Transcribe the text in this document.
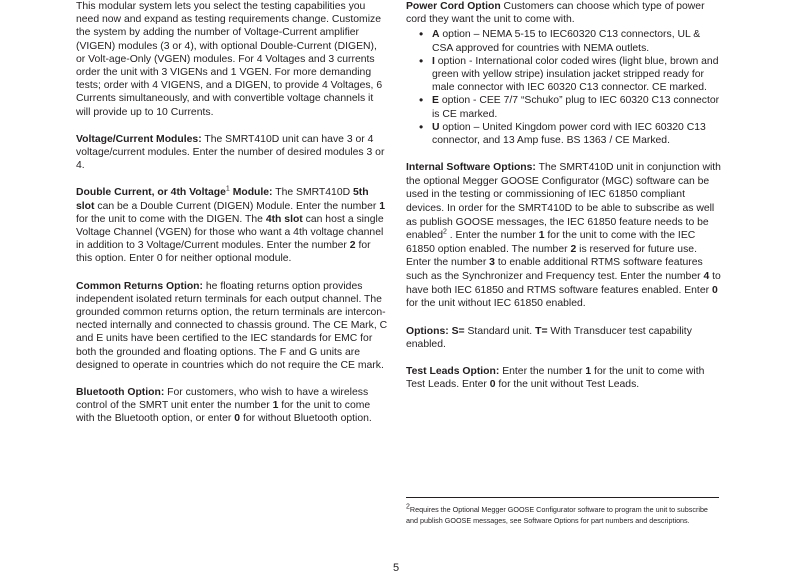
This modular system lets you select the testing capabilities you need now and expand as testing requirements change. Customize the system by adding the number of Voltage-Current amplifier (VIGEN) modules (3 or 4), with optional Double-Current (DIGEN), or Volt-age-Only (VGEN) modules. For 4 Voltages and 3 currents order the unit with 3 VIGENs and 1 VGEN. For more demanding tests; order with 4 VIGENS, and a DIGEN, to provide 4 Voltages, 6 Currents simultaneously, and with convertible voltage channels it will provide up to 10 Currents.

Voltage/Current Modules: The SMRT410D unit can have 3 or 4 voltage/current modules. Enter the number of desired modules 3 or 4.

Double Current, or 4th Voltage$^1$ Module: The SMRT410D 5th slot can be a Double Current (DIGEN) Module. Enter the number 1 for the unit to come with the DIGEN. The 4th slot can host a single Voltage Channel (VGEN) for those who want a 4th voltage channel in addition to 3 Voltage/Current modules. Enter the number 2 for this option. Enter 0 for neither optional module.

Common Returns Option: he floating returns option provides independent isolated return terminals for each output channel. The grounded common returns option, the return terminals are intercon-nected internally and connected to chassis ground. The CE Mark, C and E units have been certified to the IEC standards for EMC for both the grounded and floating options. The F and G units are designed to operate in countries which do not require the CE mark.

Bluetooth Option: For customers, who wish to have a wireless control of the SMRT unit enter the number 1 for the unit to come with the Bluetooth option, or enter 0 for without Bluetooth option.

Power Cord Option Customers can choose which type of power cord they want the unit to come with.

• A option – NEMA 5-15 to IEC60320 C13 connectors, UL & CSA approved for countries with NEMA outlets.
• I option - International color coded wires (light blue, brown and green with yellow stripe) insulation jacket stripped ready for male connector with IEC 60320 C13 connector. CE marked.
• E option - CEE 7/7 “Schuko” plug to IEC 60320 C13 connector is CE marked.
• U option – United Kingdom power cord with IEC 60320 C13 connector, and 13 Amp fuse. BS 1363 / CE Marked.

Internal Software Options: The SMRT410D unit in conjunction with the optional Megger GOOSE Configurator (MGC) software can be used in the testing or commissioning of IEC 61850 compliant devices. In order for the SMRT410D to be able to subscribe as well as publish GOOSE messages, the IEC 61850 feature needs to be enabled$^2$ . Enter the number 1 for the unit to come with the IEC 61850 option enabled. The number 2 is reserved for future use. Enter the number 3 to enable additional RTMS software features such as the Synchronizer and Frequency test. Enter the number 4 to have both IEC 61850 and RTMS software features enabled. Enter 0 for the unit without IEC 61850 enabled.

Options: S= Standard unit. T= With Transducer test capability enabled.

Test Leads Option: Enter the number 1 for the unit to come with Test Leads. Enter 0 for the unit without Test Leads.

$^2$Requires the Optional Megger GOOSE Configurator software to program the unit to subscribe and publish GOOSE messages, see Software Options for part numbers and descriptions.
5
